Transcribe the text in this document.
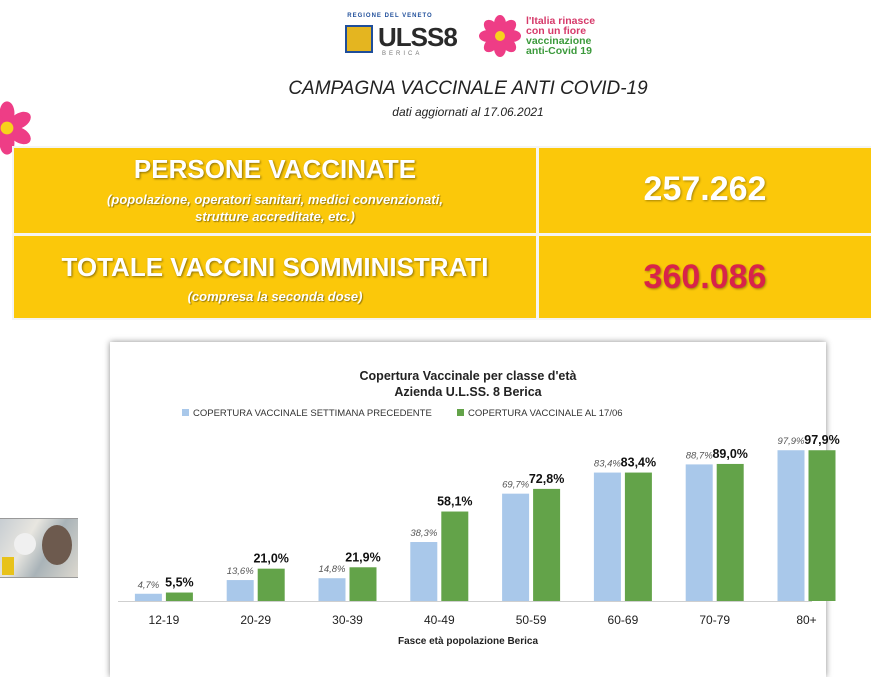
REGIONE DEL VENETO
ULSS8
BERICA
l'Italia rinasce
con un fiore
vaccinazione
anti-Covid 19
CAMPAGNA VACCINALE ANTI COVID-19
dati aggiornati al 17.06.2021
PERSONE VACCINATE
(popolazione, operatori sanitari, medici convenzionati,
strutture accreditate, etc.)
257.262
TOTALE VACCINI SOMMINISTRATI
(compresa la seconda dose)
360.086
Copertura Vaccinale per classe d'età
Azienda U.L.SS. 8 Berica
COPERTURA VACCINALE SETTIMANA PRECEDENTE	COPERTURA VACCINALE AL 17/06
4,7% 5,5%
12-19
13,6%
21,0%
20-29
14,8%
21,9%
30-39
38,3%
58,1%
40-49
69,7% 72,8%
50-59
83,4% 83,4%
60-69
88,7% 89,0%
70-79
97,9% 97,9%
80+
Fasce età popolazione Berica
